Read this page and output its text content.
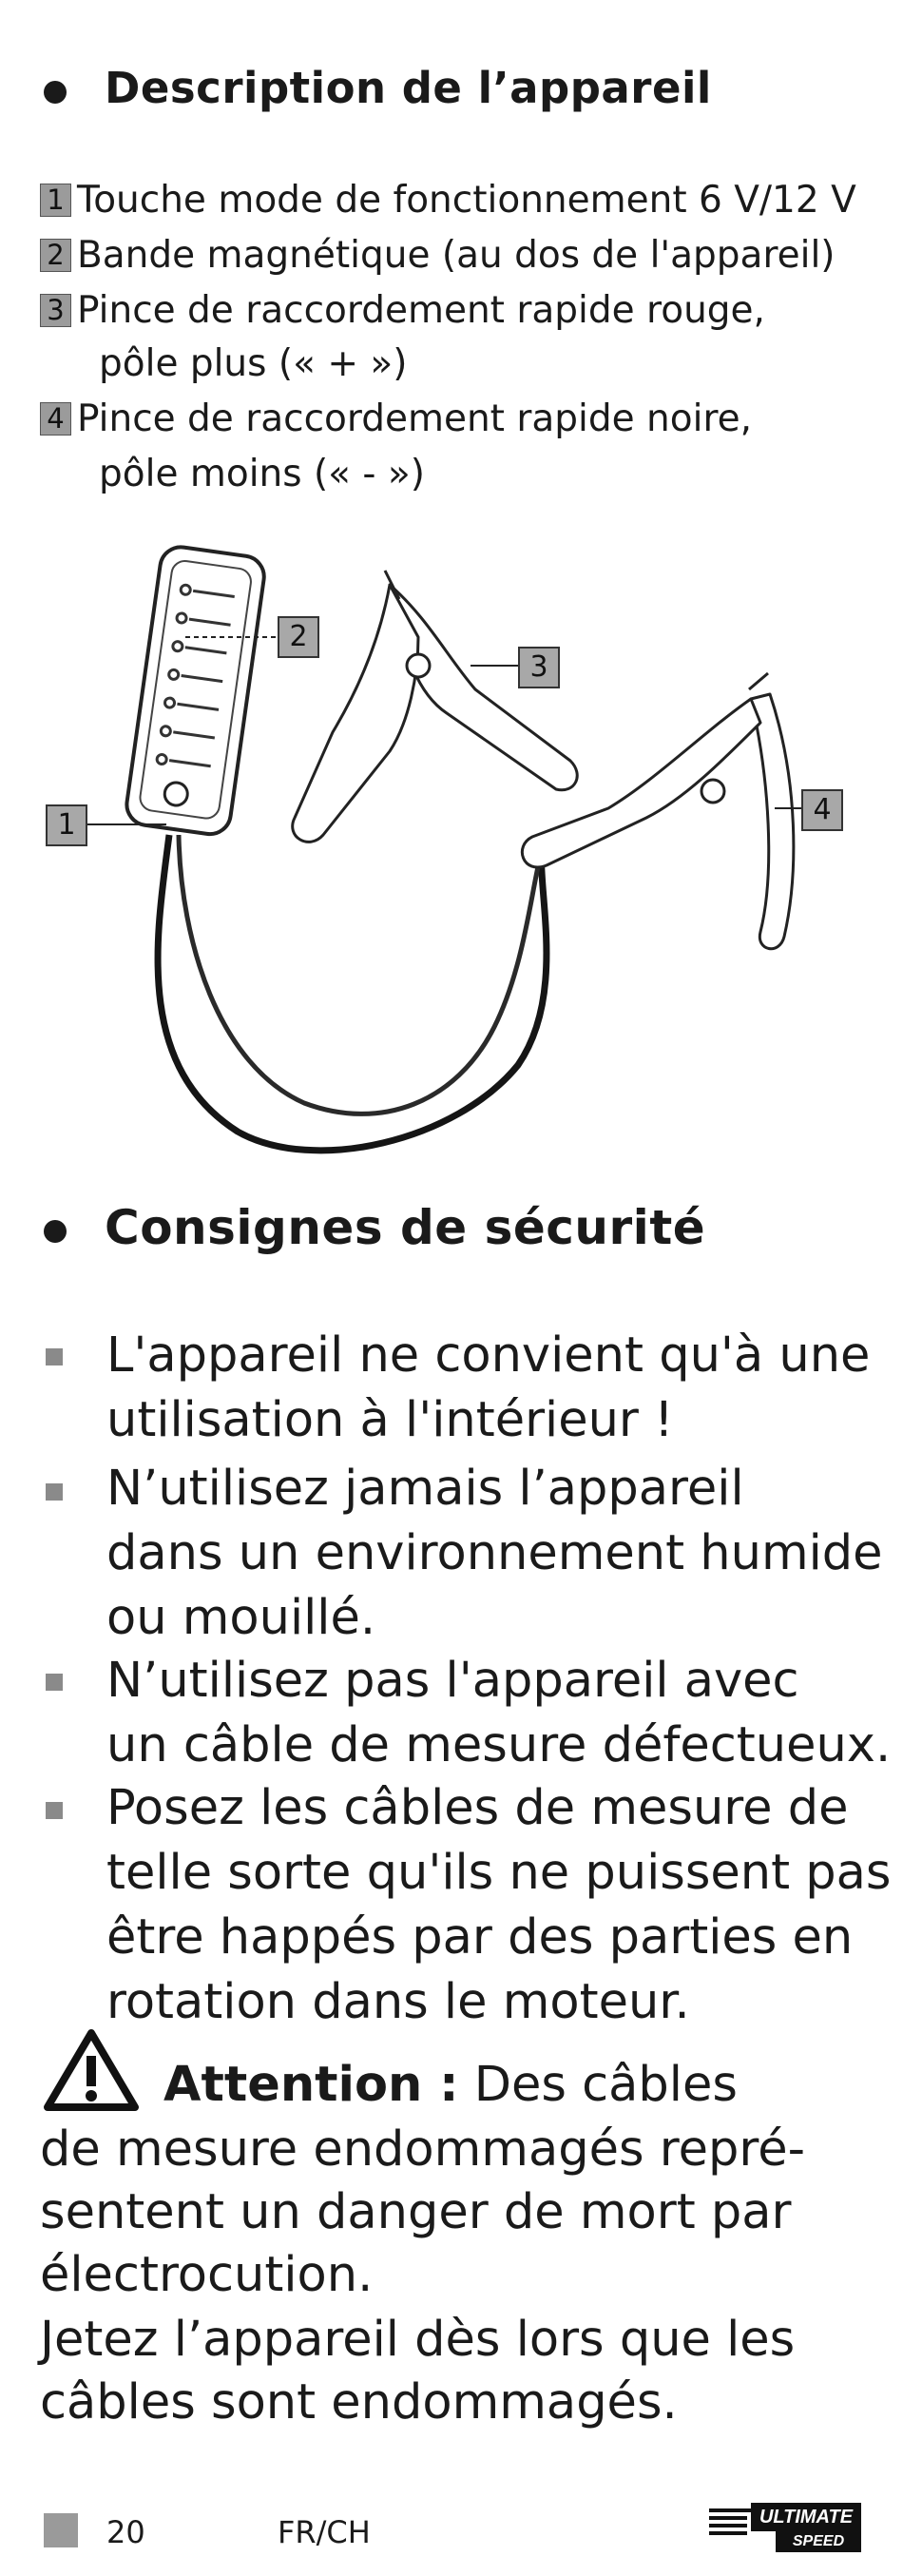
Description de l’appareil
1 Touche mode de fonctionnement 6 V/12 V
2 Bande magnétique (au dos de l'appareil)
3 Pince de raccordement rapide rouge,
pôle plus (« + »)
4 Pince de raccordement rapide noire,
pôle moins (« - »)
2
3
1	4
Consignes de sécurité
L'appareil ne convient qu'à une
utilisation à l'intérieur !
N’utilisez jamais l’appareil
dans un environnement humide
ou mouillé.
N’utilisez pas l'appareil avec
un câble de mesure défectueux.
Posez les câbles de mesure de
telle sorte qu'ils ne puissent pas
être happés par des parties en
rotation dans le moteur.
Attention : Des câbles
de mesure endommagés repré-
sentent un danger de mort par
électrocution.
Jetez l’appareil dès lors que les
câbles sont endommagés.
20	FR/CH	ULTIMATE
SPEED
